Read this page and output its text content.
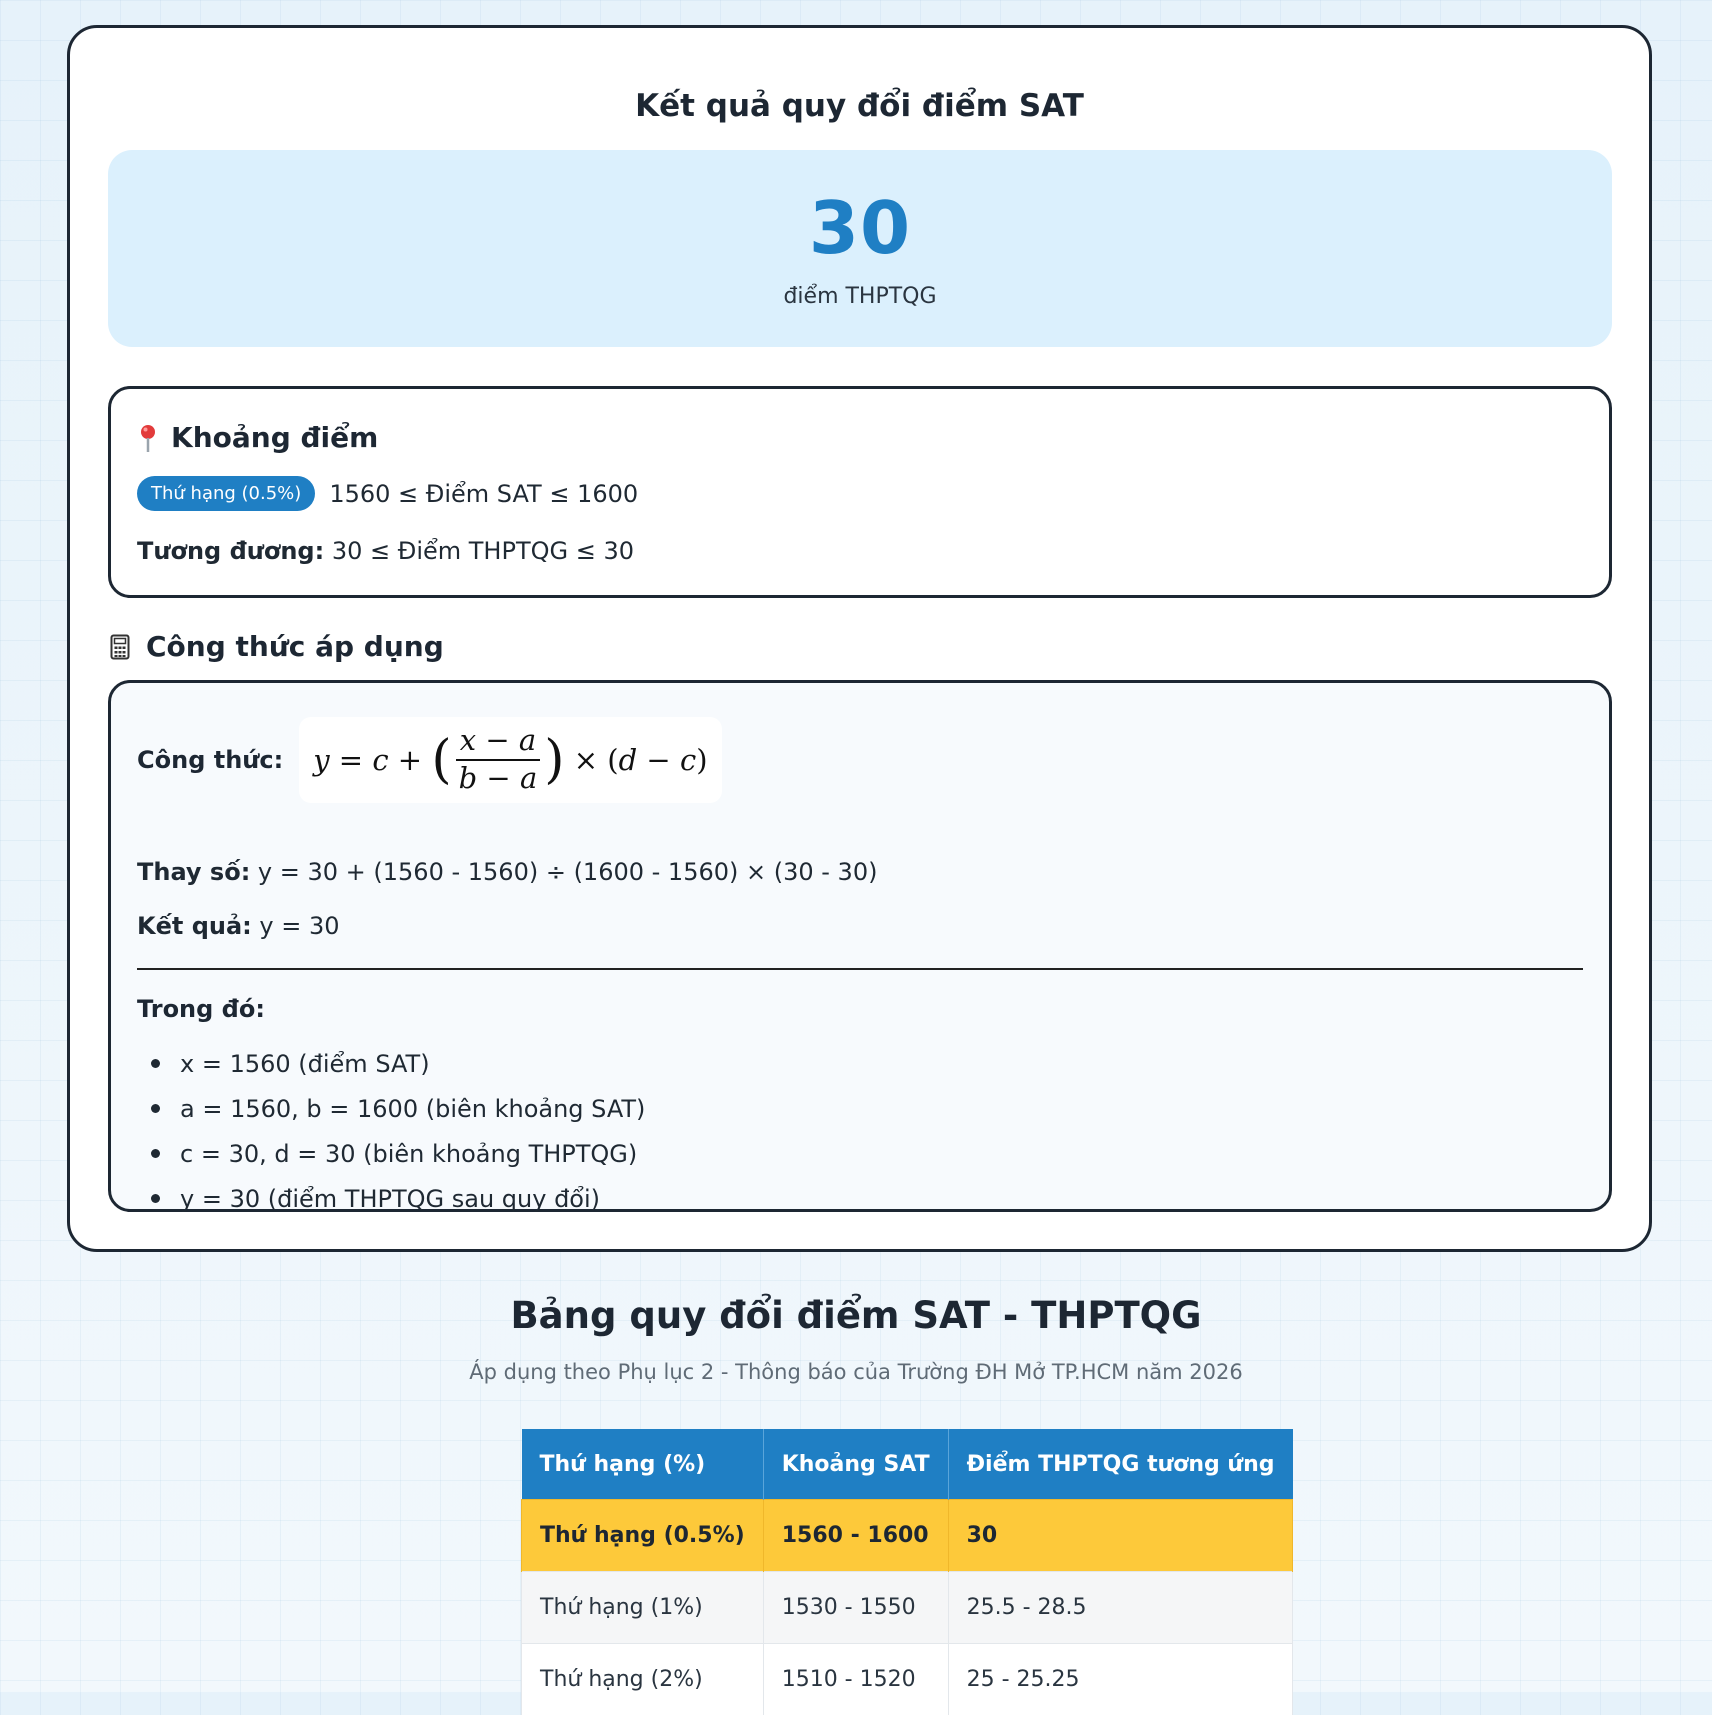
Kết quả quy đổi điểm SAT
30
điểm THPTQG
Khoảng điểm
Thứ hạng (0.5%)	1560 ≤ Điểm SAT ≤ 1600
Tương đương: 30 ≤ Điểm THPTQG ≤ 30
Công thức áp dụng
Công thức: y = c + ( $\frac{x - a}{b - a}$ ) × ( d − c )
Thay số: y = 30 + (1560 - 1560) ÷ (1600 - 1560) × (30 - 30)
Kết quả: y = 30
Trong đó:
x = 1560 (điểm SAT)
a = 1560, b = 1600 (biên khoảng SAT)
c = 30, d = 30 (biên khoảng THPTQG)
y = 30 (điểm THPTQG sau quy đổi)
Bảng quy đổi điểm SAT - THPTQG
Áp dụng theo Phụ lục 2 - Thông báo của Trường ĐH Mở TP.HCM năm 2026
Thứ hạng (%)	Khoảng SAT	Điểm THPTQG tương ứng
Thứ hạng (0.5%)	1560 - 1600	30
Thứ hạng (1%)	1530 - 1550	25.5 - 28.5
Thứ hạng (2%)	1510 - 1520	25 - 25.25
